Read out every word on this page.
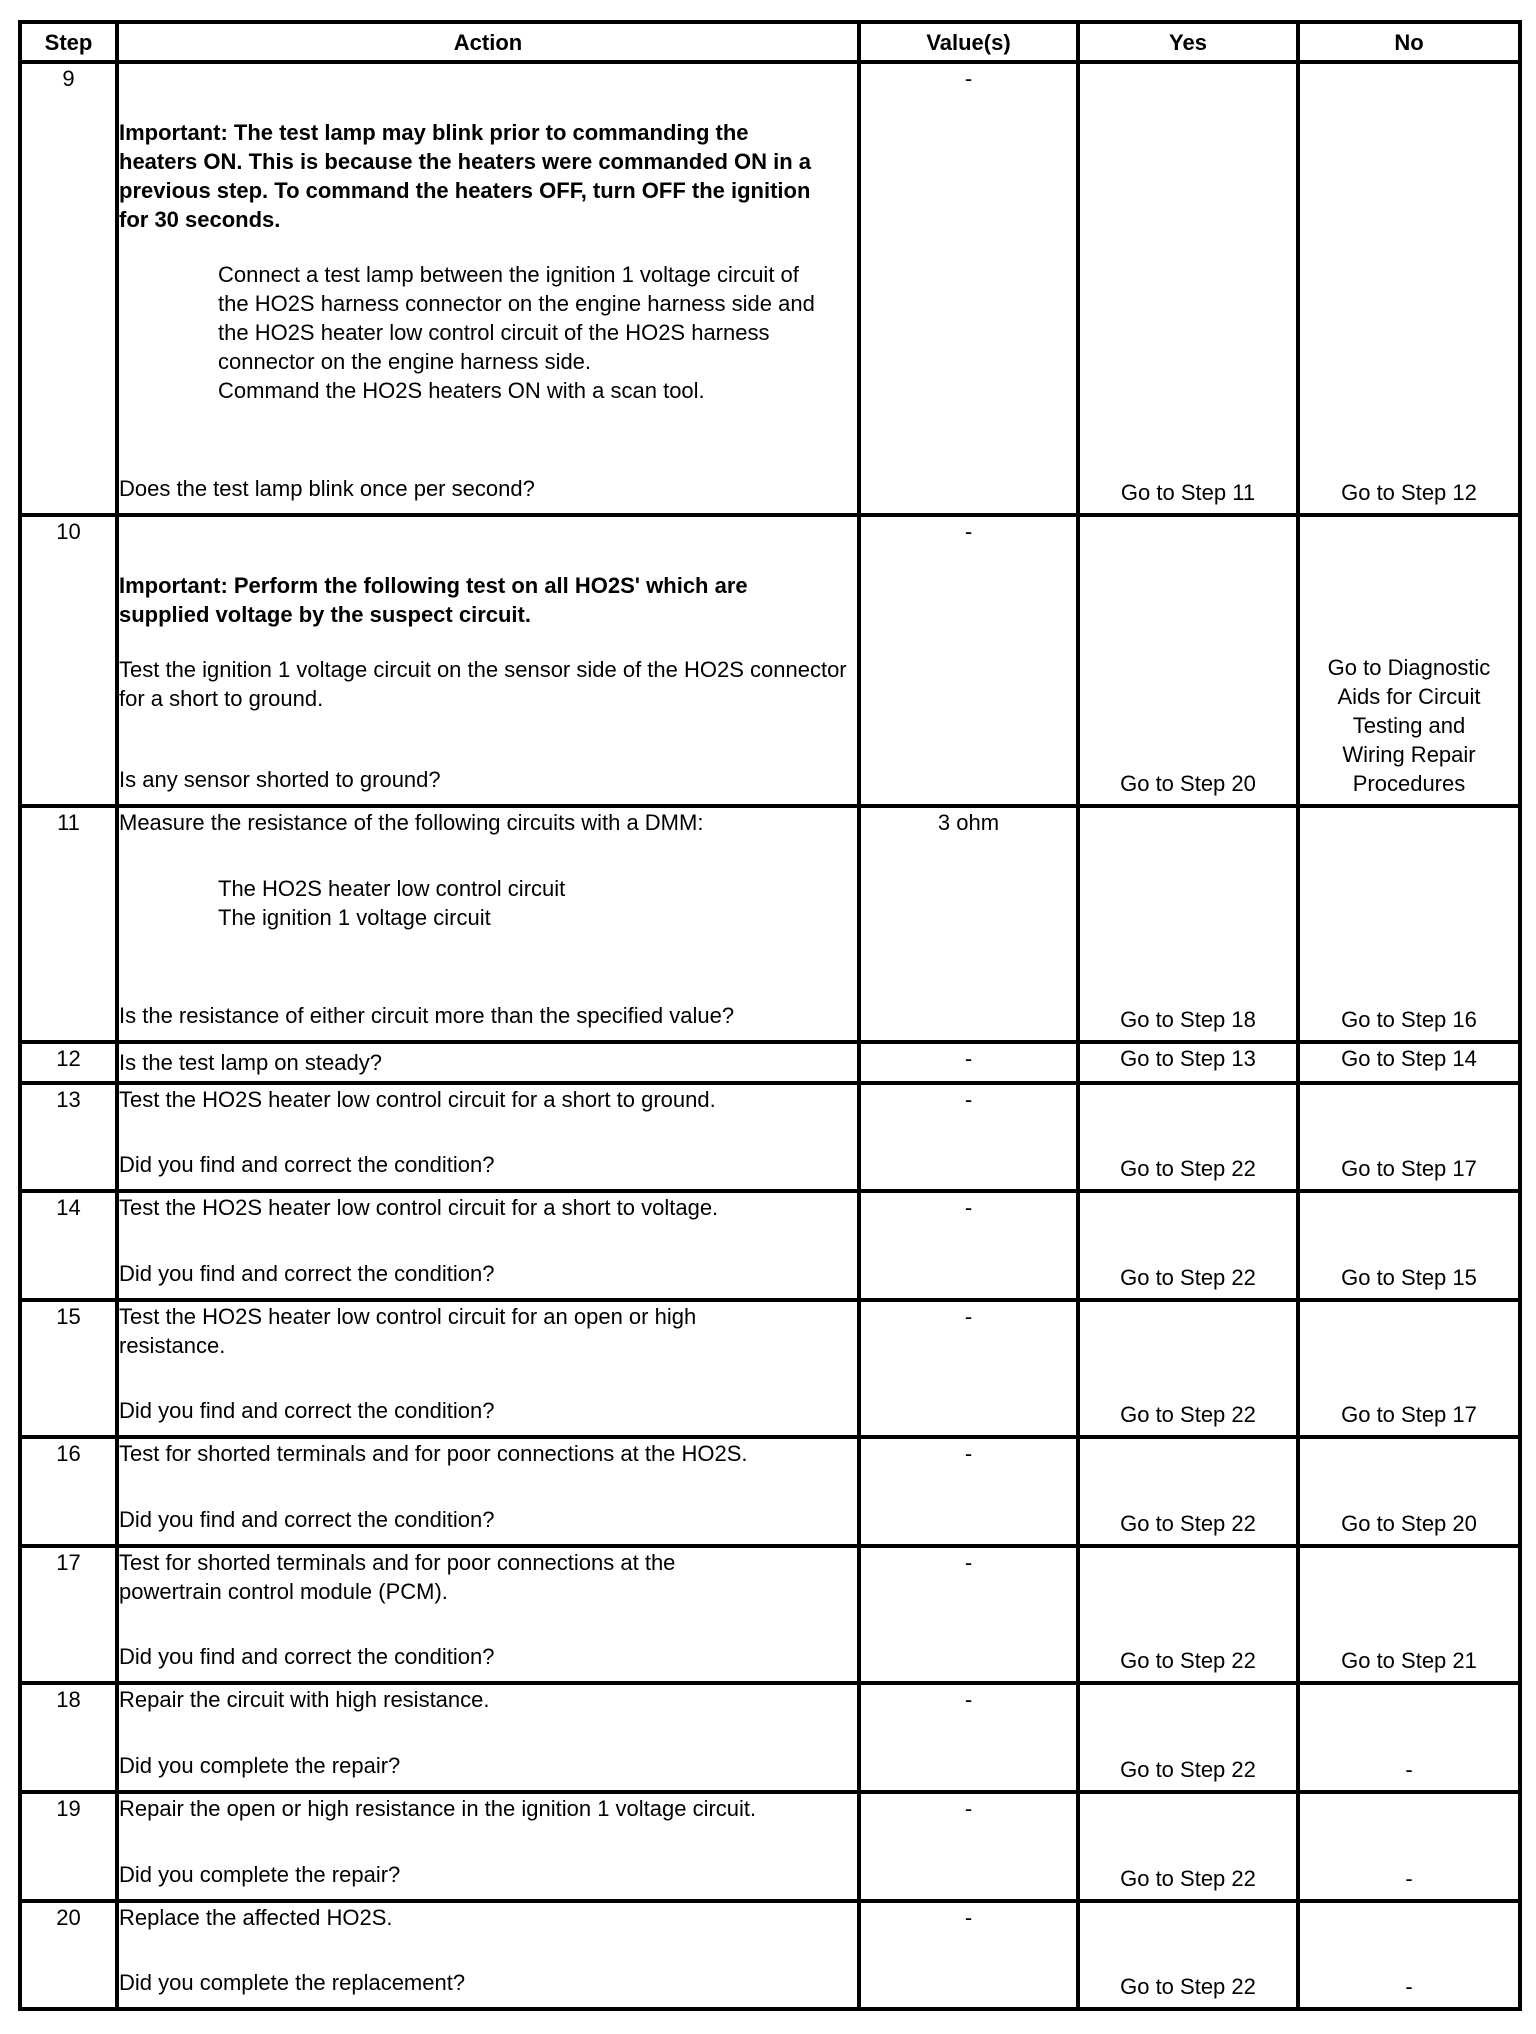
Step	Action	Value(s)	Yes	No
9	Important: The test lamp may blink prior to commanding the heaters ON. This is because the heaters were commanded ON in a previous step. To command the heaters OFF, turn OFF the ignition for 30 seconds.
Connect a test lamp between the ignition 1 voltage circuit of the HO2S harness connector on the engine harness side and the HO2S heater low control circuit of the HO2S harness connector on the engine harness side.
Command the HO2S heaters ON with a scan tool.
Does the test lamp blink once per second?	-	Go to Step 11	Go to Step 12

10	Important: Perform the following test on all HO2S' which are supplied voltage by the suspect circuit.
Test the ignition 1 voltage circuit on the sensor side of the HO2S connector for a short to ground.
Is any sensor shorted to ground?	-	Go to Step 20	Go to Diagnostic Aids for Circuit Testing and Wiring Repair Procedures

11	Measure the resistance of the following circuits with a DMM:
The HO2S heater low control circuit
The ignition 1 voltage circuit
Is the resistance of either circuit more than the specified value?	3 ohm	Go to Step 18	Go to Step 16

12	Is the test lamp on steady?	-	Go to Step 13	Go to Step 14
13	Test the HO2S heater low control circuit for a short to ground.
Did you find and correct the condition?	-	Go to Step 22	Go to Step 17

14	Test the HO2S heater low control circuit for a short to voltage.
Did you find and correct the condition?	-	Go to Step 22	Go to Step 15

15	Test the HO2S heater low control circuit for an open or high resistance.
Did you find and correct the condition?	-	Go to Step 22	Go to Step 17

16	Test for shorted terminals and for poor connections at the HO2S.
Did you find and correct the condition?	-	Go to Step 22	Go to Step 20

17	Test for shorted terminals and for poor connections at the powertrain control module (PCM).
Did you find and correct the condition?	-	Go to Step 22	Go to Step 21

18	Repair the circuit with high resistance.
Did you complete the repair?	-	Go to Step 22	-

19	Repair the open or high resistance in the ignition 1 voltage circuit.
Did you complete the repair?	-	Go to Step 22	-

20	Replace the affected HO2S.
Did you complete the replacement?	-	Go to Step 22	-
